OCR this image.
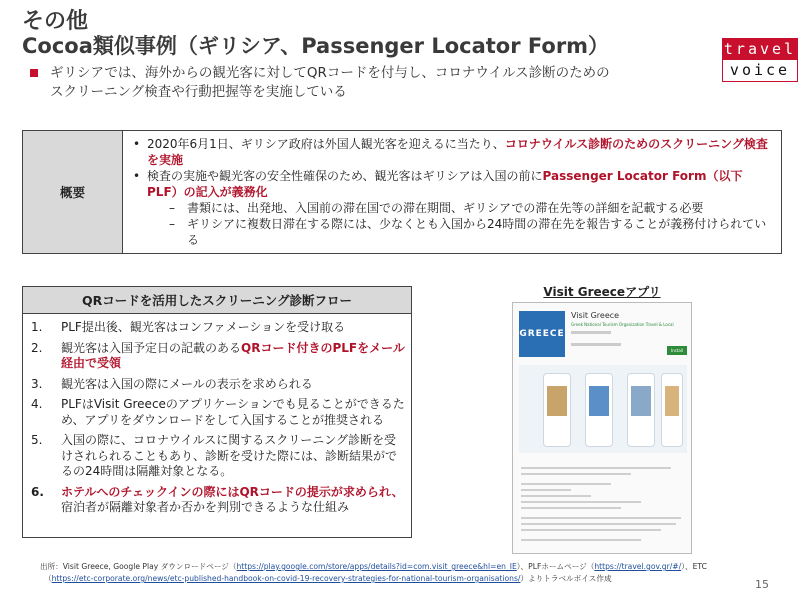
その他
Cocoa類似事例（ギリシア、Passenger Locator Form）	travel
voice
ギリシアでは、海外からの観光客に対してQRコードを付与し、コロナウイルス診断のための
スクリーニング検査や行動把握等を実施している
概要
• 2020年6月1日、ギリシア政府は外国人観光客を迎えるに当たり、コロナウイルス診断のためのスクリーニング検査を実施
• 検査の実施や観光客の安全性確保のため、観光客はギリシアは入国の前にPassenger Locator Form（以下PLF）の記入が義務化
–	書類には、出発地、入国前の滞在国での滞在期間、ギリシアでの滞在先等の詳細を記載する必要
–	ギリシアに複数日滞在する際には、少なくとも入国から24時間の滞在先を報告することが義務付けられている
QRコードを活用したスクリーニング診断フロー
1.	PLF提出後、観光客はコンファメーションを受け取る
2.	観光客は入国予定日の記載のあるQRコード付きのPLFをメール経由で受領
3.	観光客は入国の際にメールの表示を求められる
4.	PLFはVisit Greeceのアプリケーションでも見ることができるため、アプリをダウンロードをして入国することが推奨される
5.	入国の際に、コロナウイルスに関するスクリーニング診断を受けされられることもあり、診断を受けた際には、診断結果がでるの24時間は隔離対象となる。
6.	ホテルへのチェックインの際にはQRコードの提示が求められ、宿泊者が隔離対象者か否かを判別できるような仕組み
Visit Greeceアプリ
GREECE
Visit Greece
Greek National Tourism Organization Travel & Local
Install
出所：Visit Greece, Google Play ダウンロードページ（https://play.google.com/store/apps/details?id=com.visit_greece&hl=en_IE）、PLFホームページ（https://travel.gov.gr/#/）、ETC
（https://etc-corporate.org/news/etc-published-handbook-on-covid-19-recovery-strategies-for-national-tourism-organisations/）よりトラベルボイス作成	15
